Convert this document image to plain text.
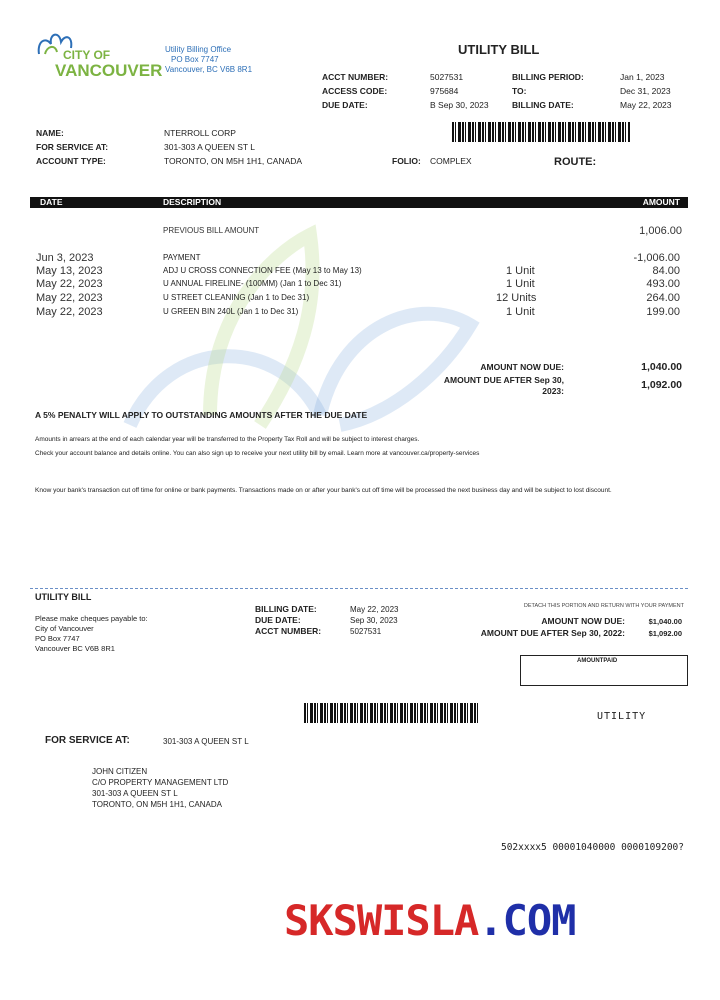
CITY OF
VANCOUVER
Utility Billing Office
PO Box 7747
Vancouver, BC V6B 8R1
UTILITY BILL
ACCT NUMBER:	5027531
ACCESS CODE:	975684
DUE DATE:	B Sep 30, 2023
BILLING PERIOD:	Jan 1, 2023
TO:	Dec 31, 2023
BILLING DATE:	May 22, 2023
NAME:	NTERROLL CORP
FOR SERVICE AT:	301-303 A QUEEN ST L
ACCOUNT TYPE:	TORONTO, ON M5H 1H1, CANADA	FOLIO: COMPLEX	ROUTE:
DATE	DESCRIPTION	AMOUNT
PREVIOUS BILL AMOUNT	1,006.00
Jun 3, 2023	PAYMENT	-1,006.00
May 13, 2023	ADJ U CROSS CONNECTION FEE (May 13 to May 13)	1 Unit	84.00
May 22, 2023	U ANNUAL FIRELINE- (100MM) (Jan 1 to Dec 31)	1 Unit	493.00
May 22, 2023	U STREET CLEANING (Jan 1 to Dec 31)	12 Units	264.00
May 22, 2023	U GREEN BIN 240L (Jan 1 to Dec 31)	1 Unit	199.00
AMOUNT NOW DUE:	1,040.00
AMOUNT DUE AFTER Sep 30,
2023:	1,092.00
A 5% PENALTY WILL APPLY TO OUTSTANDING AMOUNTS AFTER THE DUE DATE
Amounts in arrears at the end of each calendar year will be transferred to the Property Tax Roll and will be subject to interest charges.
Check your account balance and details online. You can also sign up to receive your next utility bill by email. Learn more at vancouver.ca/property-services
Know your bank's transaction cut off time for online or bank payments. Transactions made on or after your bank's cut off time will be processed the next business day and will be subject to lost discount.
UTILITY BILL
Please make cheques payable to:
City of Vancouver
PO Box 7747
Vancouver BC V6B 8R1
BILLING DATE:	May 22, 2023
DUE DATE:	Sep 30, 2023
ACCT NUMBER:	5027531
DETACH THIS PORTION AND RETURN WITH YOUR PAYMENT
AMOUNT NOW DUE:	$1,040.00
AMOUNT DUE AFTER Sep 30, 2022:	$1,092.00
AMOUNTPAID
UTILITY
FOR SERVICE AT:	301-303 A QUEEN ST L
JOHN CITIZEN
C/O PROPERTY MANAGEMENT LTD
301-303 A QUEEN ST L
TORONTO, ON M5H 1H1, CANADA
502xxxx5 00001040000 0000109200?
SKSWISLA.COM
